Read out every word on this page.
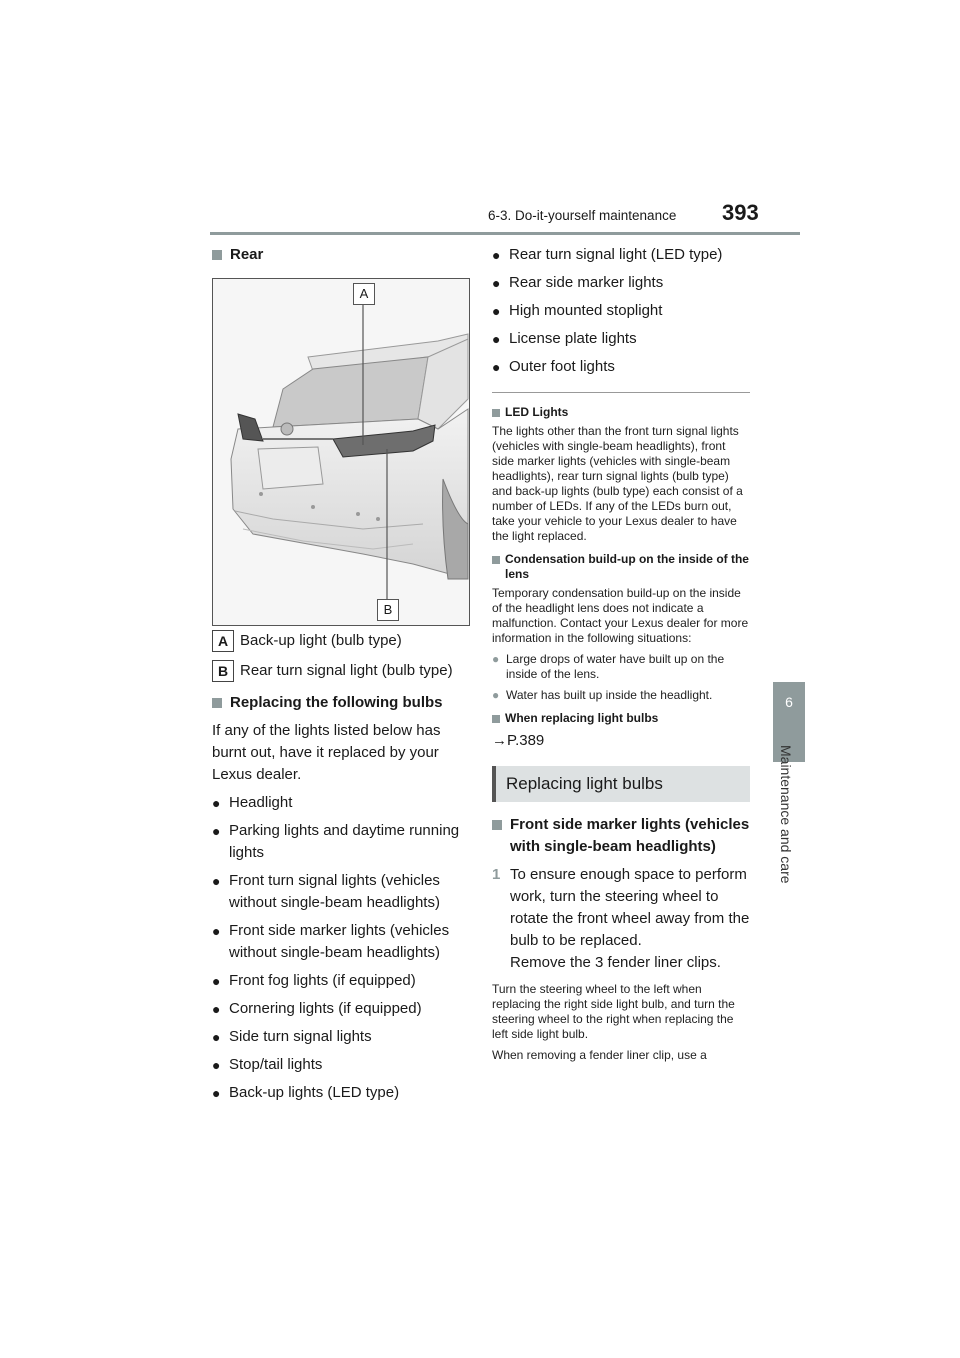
6-3. Do-it-yourself maintenance 393
6
Maintenance and care
Rear
A
B
A Back-up light (bulb type)
B Rear turn signal light (bulb type)
Replacing the following bulbs
If any of the lights listed below has burnt out, have it replaced by your Lexus dealer.
● Headlight
● Parking lights and daytime running lights
● Front turn signal lights (vehicles without single-beam headlights)
● Front side marker lights (vehicles without single-beam headlights)
● Front fog lights (if equipped)
● Cornering lights (if equipped)
● Side turn signal lights
● Stop/tail lights
● Back-up lights (LED type)
● Rear turn signal light (LED type)
● Rear side marker lights
● High mounted stoplight
● License plate lights
● Outer foot lights
LED Lights
The lights other than the front turn signal lights (vehicles with single-beam headlights), front side marker lights (vehicles with single-beam headlights), rear turn signal lights (bulb type) and back-up lights (bulb type) each consist of a number of LEDs. If any of the LEDs burn out, take your vehicle to your Lexus dealer to have the light replaced.
Condensation build-up on the inside of the lens
Temporary condensation build-up on the inside of the headlight lens does not indicate a malfunction. Contact your Lexus dealer for more information in the following situations:
● Large drops of water have built up on the inside of the lens.
● Water has built up inside the headlight.
When replacing light bulbs
→P.389
Replacing light bulbs
Front side marker lights (vehicles with single-beam headlights)
1 To ensure enough space to perform work, turn the steering wheel to rotate the front wheel away from the bulb to be replaced.
Remove the 3 fender liner clips.
Turn the steering wheel to the left when replacing the right side light bulb, and turn the steering wheel to the right when replacing the left side light bulb.
When removing a fender liner clip, use a
